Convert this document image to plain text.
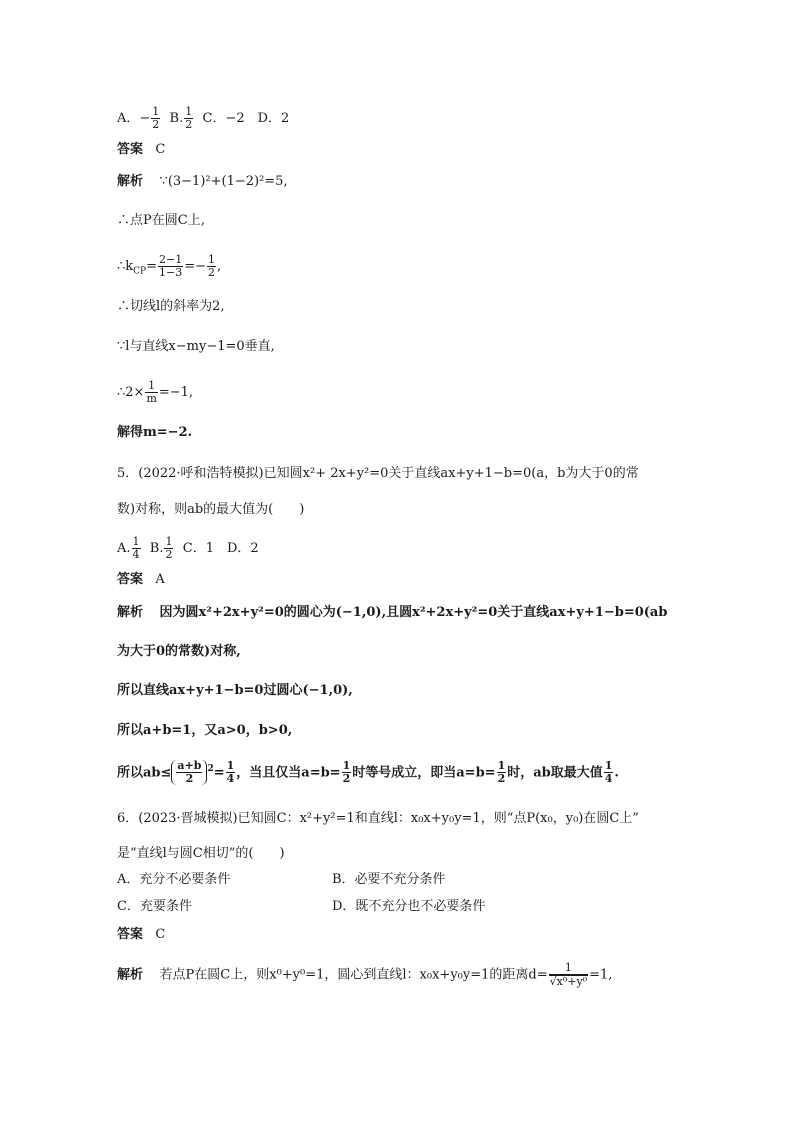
A．− $\frac{1}{2} B$. $\frac{1}{2}$ C．−2　D．2
答案 C
解析 ∵(3−1)²+(1−2)²=5,
∴点P在圆C上,
$\therefore k_{CP}= \frac{2-1}{1-3} =- \frac{1}{2}$ ,
∴切线l的斜率为2,
∵l与直线x−my−1=0垂直,
∴2× $\frac{1}{m} =-1$,
解得m=−2.
5．(2022·呼和浩特模拟)已知圆x²+ 2x+y²=0关于直线ax+y+1−b=0(a，b为大于0的常
数)对称，则ab的最大值为(　　)
A. $\frac{1}{4} B$. $\frac{1}{2}$ C．1　D．2
答案 A
解析 因为圆x²+2x+y²=0的圆心为(−1,0),且圆x²+2x+y²=0关于直线ax+y+1−b=0(ab
为大于0的常数)对称,
所以直线ax+y+1−b=0过圆心(−1,0),
所以a+b=1，又a>0，b>0,
所以$ab\le \frac{a+b}{2} ^2= \frac{1}{4}$ ，当且仅当$a=b= \frac{1}{2}$ 时等号成立，即当$a=b= \frac{1}{2}$ 时，ab取最大值 $\frac{1}{4}$ .
6．(2023·晋城模拟)已知圆C：x²+y²=1和直线l：x₀x+y₀y=1，则“点P(x₀，y₀)在圆C上”
是“直线l与圆C相切”的(　　)
A．充分不必要条件	B．必要不充分条件
C．充要条件	D．既不充分也不必要条件
答案 C
解析 若点P在圆C上，则x⁰+y⁰=1，圆心到直线l：x₀x+y₀y=1的距离$d= \frac{1}{\text{√x⁰+y⁰}} =1$,
